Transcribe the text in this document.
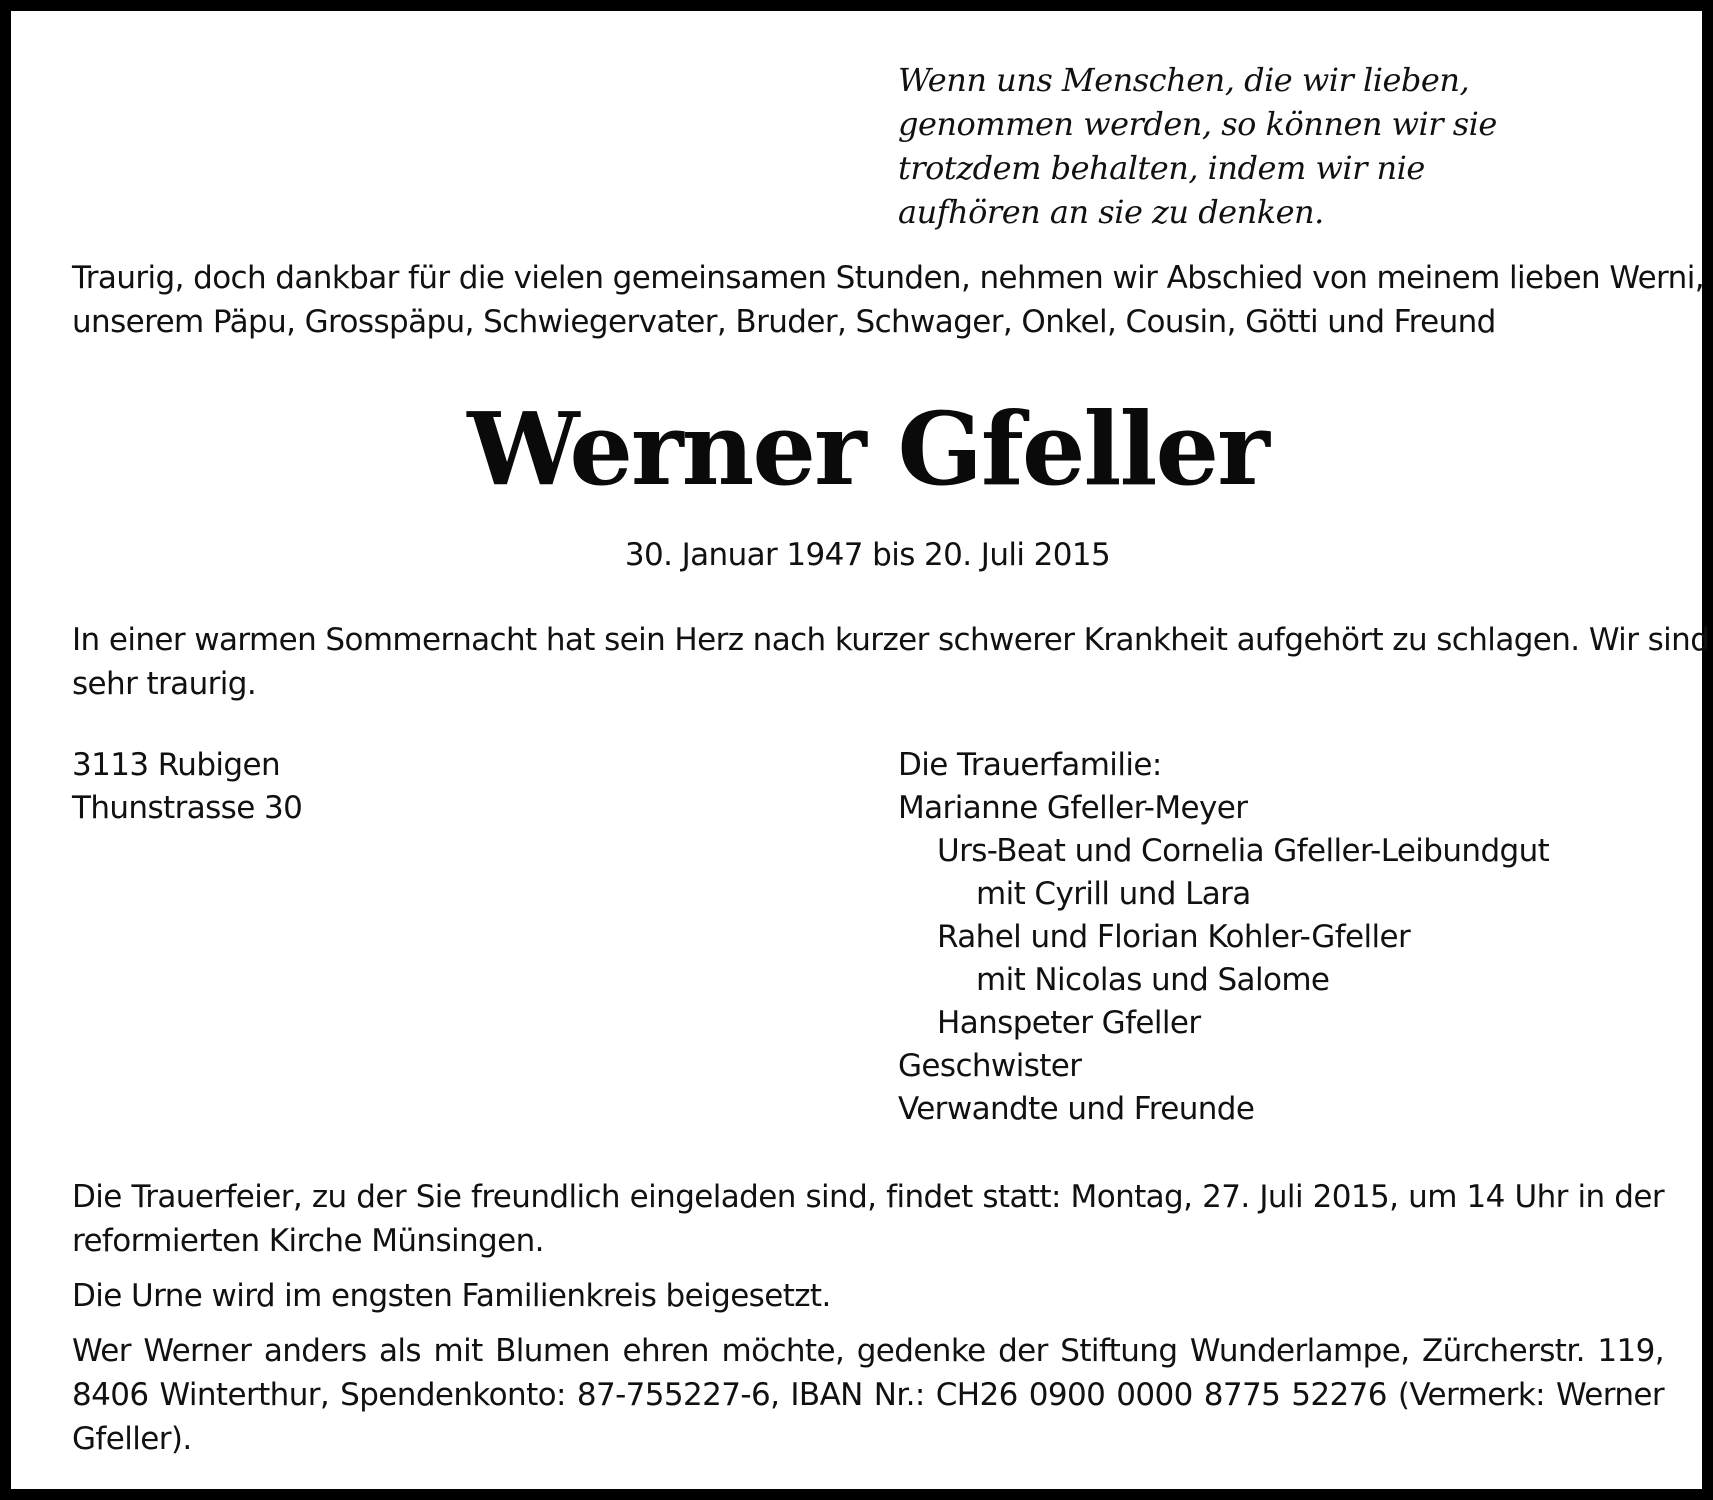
Wenn uns Menschen, die wir lieben,
genommen werden, so können wir sie
trotzdem behalten, indem wir nie
aufhören an sie zu denken.

Traurig, doch dankbar für die vielen gemeinsamen Stunden, nehmen wir Abschied von meinem lieben Werni,
unserem Päpu, Grosspäpu, Schwiegervater, Bruder, Schwager, Onkel, Cousin, Götti und Freund

Werner Gfeller

30. Januar 1947 bis 20. Juli 2015

In einer warmen Sommernacht hat sein Herz nach kurzer schwerer Krankheit aufgehört zu schlagen. Wir sind
sehr traurig.

3113 Rubigen
Thunstrasse 30
Die Trauerfamilie:
Marianne Gfeller-Meyer
Urs-Beat und Cornelia Gfeller-Leibundgut
mit Cyrill und Lara
Rahel und Florian Kohler-Gfeller
mit Nicolas und Salome
Hanspeter Gfeller
Geschwister
Verwandte und Freunde

Die Trauerfeier, zu der Sie freundlich eingeladen sind, findet statt: Montag, 27. Juli 2015, um 14 Uhr in der
reformierten Kirche Münsingen.

Die Urne wird im engsten Familienkreis beigesetzt.

Wer Werner anders als mit Blumen ehren möchte, gedenke der Stiftung Wunderlampe, Zürcherstr. 119,
8406 Winterthur, Spendenkonto: 87-755227-6, IBAN Nr.: CH26 0900 0000 8775 52276 (Vermerk: Werner
Gfeller).
